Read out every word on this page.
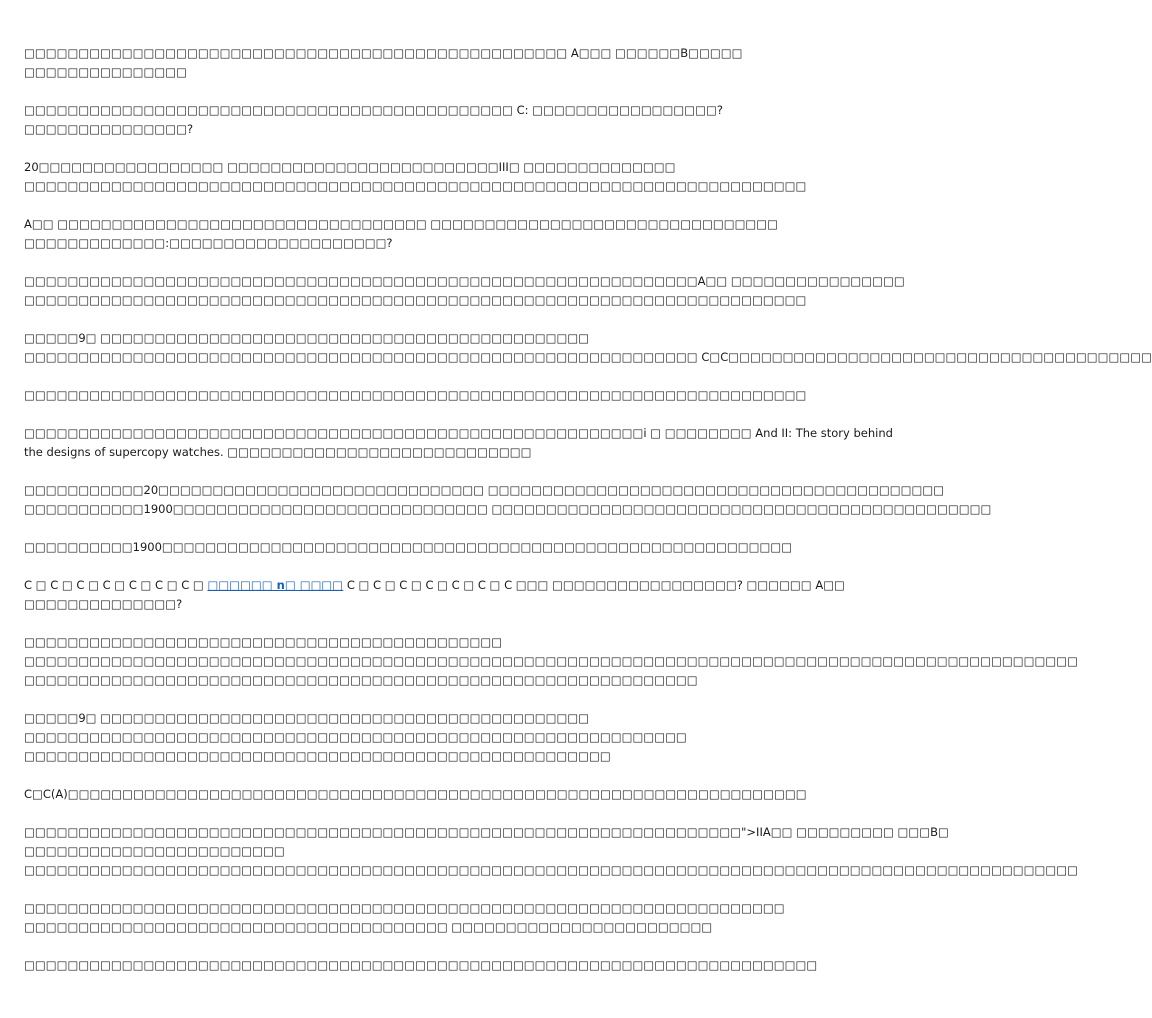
□□□□□□□□□□□□□□□□□□□□□□□□□□□□□□□□□□□□□□□□□□□□□□□□□□ A□□□ □□□□□□B□□□□□
□□□□□□□□□□□□□□□

□□□□□□□□□□□□□□□□□□□□□□□□□□□□□□□□□□□□□□□□□□□□□ C: □□□□□□□□□□□□□□□□□?
□□□□□□□□□□□□□□□?

20□□□□□□□□□□□□□□□□□ □□□□□□□□□□□□□□□□□□□□□□□□□III□ □□□□□□□□□□□□□□
□□□□□□□□□□□□□□□□□□□□□□□□□□□□□□□□□□□□□□□□□□□□□□□□□□□□□□□□□□□□□□□□□□□□□□□□

A□□ □□□□□□□□□□□□□□□□□□□□□□□□□□□□□□□□□□ □□□□□□□□□□□□□□□□□□□□□□□□□□□□□□□□
□□□□□□□□□□□□□:□□□□□□□□□□□□□□□□□□□□?

□□□□□□□□□□□□□□□□□□□□□□□□□□□□□□□□□□□□□□□□□□□□□□□□□□□□□□□□□□□□□□A□□ □□□□□□□□□□□□□□□□
□□□□□□□□□□□□□□□□□□□□□□□□□□□□□□□□□□□□□□□□□□□□□□□□□□□□□□□□□□□□□□□□□□□□□□□□

□□□□□9□ □□□□□□□□□□□□□□□□□□□□□□□□□□□□□□□□□□□□□□□□□□□□□
□□□□□□□□□□□□□□□□□□□□□□□□□□□□□□□□□□□□□□□□□□□□□□□□□□□□□□□□□□□□□□ C□C□□□□□□□□□□□□□□□□□□□□□□□□□□□□□□□□□□□□□□□

□□□□□□□□□□□□□□□□□□□□□□□□□□□□□□□□□□□□□□□□□□□□□□□□□□□□□□□□□□□□□□□□□□□□□□□□

□□□□□□□□□□□□□□□□□□□□□□□□□□□□□□□□□□□□□□□□□□□□□□□□□□□□□□□□□i □ □□□□□□□□ And II: The story behind
the designs of supercopy watches. □□□□□□□□□□□□□□□□□□□□□□□□□□□□

□□□□□□□□□□□20□□□□□□□□□□□□□□□□□□□□□□□□□□□□□□ □□□□□□□□□□□□□□□□□□□□□□□□□□□□□□□□□□□□□□□□□□
□□□□□□□□□□□1900□□□□□□□□□□□□□□□□□□□□□□□□□□□□□ □□□□□□□□□□□□□□□□□□□□□□□□□□□□□□□□□□□□□□□□□□□□□□

□□□□□□□□□□1900□□□□□□□□□□□□□□□□□□□□□□□□□□□□□□□□□□□□□□□□□□□□□□□□□□□□□□□□□□

C □ C □ C □ C □ C □ C □ C □ □□□□□□ n□ □□□□ C □ C □ C □ C □ C □ C □ C □□□ □□□□□□□□□□□□□□□□□? □□□□□□ A□□
□□□□□□□□□□□□□□?

□□□□□□□□□□□□□□□□□□□□□□□□□□□□□□□□□□□□□□□□□□□□
□□□□□□□□□□□□□□□□□□□□□□□□□□□□□□□□□□□□□□□□□□□□□□□□□□□□□□□□□□□□□□□□□□□□□□□□□□□□□□□□□□□□□□□□□□□□□□□□□
□□□□□□□□□□□□□□□□□□□□□□□□□□□□□□□□□□□□□□□□□□□□□□□□□□□□□□□□□□□□□□

□□□□□9□ □□□□□□□□□□□□□□□□□□□□□□□□□□□□□□□□□□□□□□□□□□□□□
□□□□□□□□□□□□□□□□□□□□□□□□□□□□□□□□□□□□□□□□□□□□□□□□□□□□□□□□□□□□□
□□□□□□□□□□□□□□□□□□□□□□□□□□□□□□□□□□□□□□□□□□□□□□□□□□□□□□

C□C(A)□□□□□□□□□□□□□□□□□□□□□□□□□□□□□□□□□□□□□□□□□□□□□□□□□□□□□□□□□□□□□□□□□□□□

□□□□□□□□□□□□□□□□□□□□□□□□□□□□□□□□□□□□□□□□□□□□□□□□□□□□□□□□□□□□□□□□□□">IIA□□ □□□□□□□□□ □□□B□
□□□□□□□□□□□□□□□□□□□□□□□□
□□□□□□□□□□□□□□□□□□□□□□□□□□□□□□□□□□□□□□□□□□□□□□□□□□□□□□□□□□□□□□□□□□□□□□□□□□□□□□□□□□□□□□□□□□□□□□□□□

□□□□□□□□□□□□□□□□□□□□□□□□□□□□□□□□□□□□□□□□□□□□□□□□□□□□□□□□□□□□□□□□□□□□□□
□□□□□□□□□□□□□□□□□□□□□□□□□□□□□□□□□□□□□□□ □□□□□□□□□□□□□□□□□□□□□□□□

□□□□□□□□□□□□□□□□□□□□□□□□□□□□□□□□□□□□□□□□□□□□□□□□□□□□□□□□□□□□□□□□□□□□□□□□□
